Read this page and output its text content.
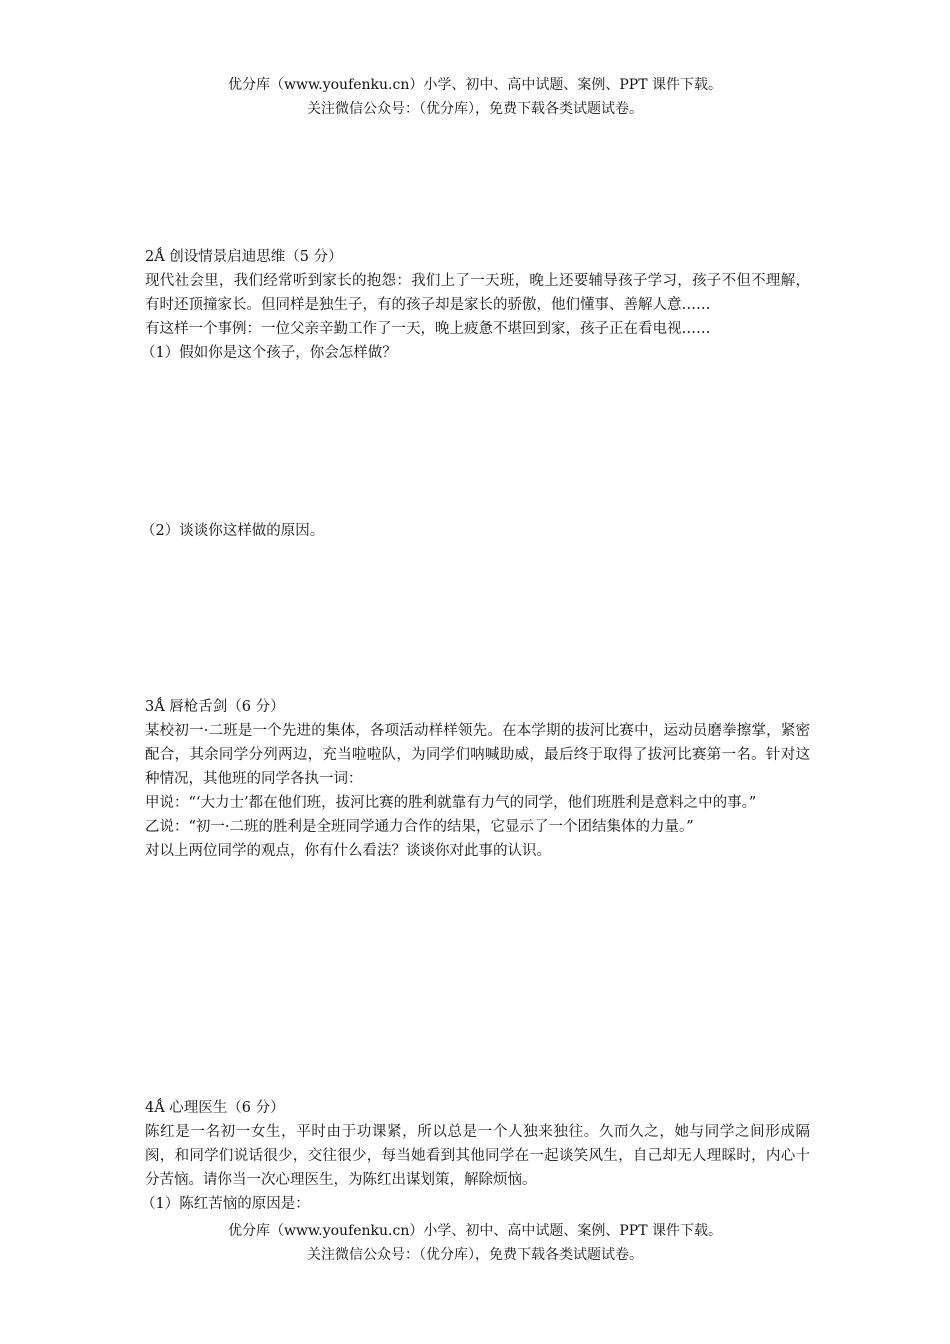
优分库（www.youfenku.cn）小学、初中、高中试题、案例、PPT 课件下载。
关注微信公众号：（优分库），免费下载各类试题试卷。

2Ǻ 创设情景启迪思维（5 分）

现代社会里，我们经常听到家长的抱怨：我们上了一天班，晚上还要辅导孩子学习，孩子不但不理解，有时还顶撞家长。但同样是独生子，有的孩子却是家长的骄傲，他们懂事、善解人意……

有这样一个事例：一位父亲辛勤工作了一天，晚上疲惫不堪回到家，孩子正在看电视……

（1）假如你是这个孩子，你会怎样做？

（2）谈谈你这样做的原因。

3Ǻ 唇枪舌剑（6 分）

某校初一·二班是一个先进的集体，各项活动样样领先。在本学期的拔河比赛中，运动员磨拳擦掌，紧密配合，其余同学分列两边，充当啦啦队，为同学们呐喊助威，最后终于取得了拔河比赛第一名。针对这种情况，其他班的同学各执一词：

甲说：“‘大力士’都在他们班，拔河比赛的胜利就靠有力气的同学，他们班胜利是意料之中的事。”

乙说：“初一·二班的胜利是全班同学通力合作的结果，它显示了一个团结集体的力量。”

对以上两位同学的观点，你有什么看法？谈谈你对此事的认识。

4Ǻ 心理医生（6 分）

陈红是一名初一女生，平时由于功课紧，所以总是一个人独来独往。久而久之，她与同学之间形成隔阂，和同学们说话很少，交往很少，每当她看到其他同学在一起谈笑风生，自己却无人理睬时，内心十分苦恼。请你当一次心理医生，为陈红出谋划策，解除烦恼。

（1）陈红苦恼的原因是：

优分库（www.youfenku.cn）小学、初中、高中试题、案例、PPT 课件下载。
关注微信公众号：（优分库），免费下载各类试题试卷。
